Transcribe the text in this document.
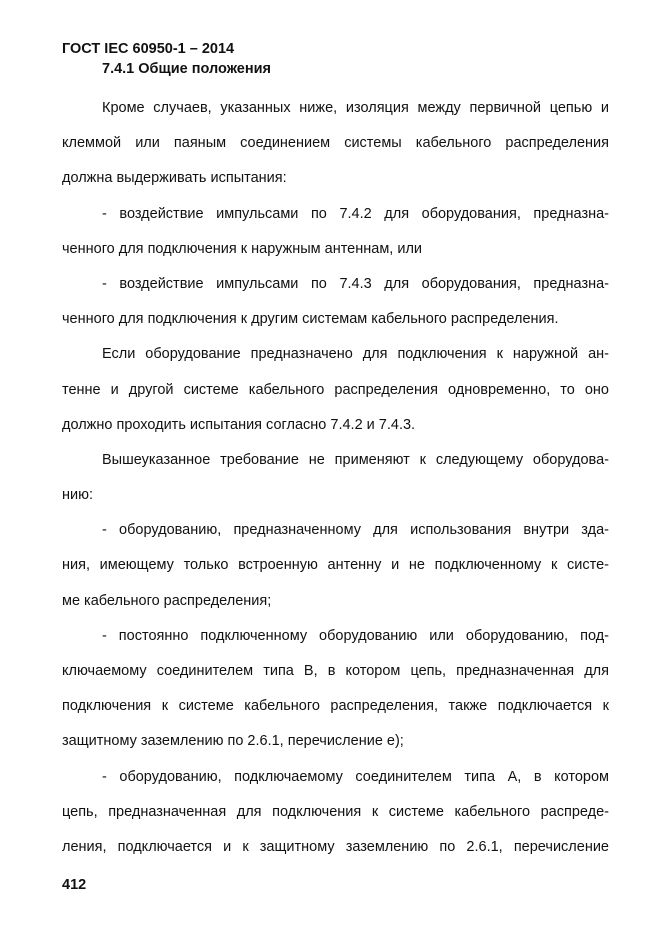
ГОСТ IEC 60950-1 – 2014
7.4.1 Общие положения
Кроме случаев, указанных ниже, изоляция между первичной цепью и
клеммой или паяным соединением системы кабельного распределения
должна выдерживать испытания:
- воздействие импульсами по 7.4.2 для оборудования, предназна-
ченного для подключения к наружным антеннам, или
- воздействие импульсами по 7.4.3 для оборудования, предназна-
ченного для подключения к другим системам кабельного распределения.
Если оборудование предназначено для подключения к наружной ан-
тенне и другой системе кабельного распределения одновременно, то оно
должно проходить испытания согласно 7.4.2 и 7.4.3.
Вышеуказанное требование не применяют к следующему оборудова-
нию:
- оборудованию, предназначенному для использования внутри зда-
ния, имеющему только встроенную антенну и не подключенному к систе-
ме кабельного распределения;
- постоянно подключенному оборудованию или оборудованию, под-
ключаемому соединителем типа В, в котором цепь, предназначенная для
подключения к системе кабельного распределения, также подключается к
защитному заземлению по 2.6.1, перечисление е);
- оборудованию, подключаемому соединителем типа А, в котором
цепь, предназначенная для подключения к системе кабельного распреде-
ления, подключается и к защитному заземлению по 2.6.1, перечисление
412
